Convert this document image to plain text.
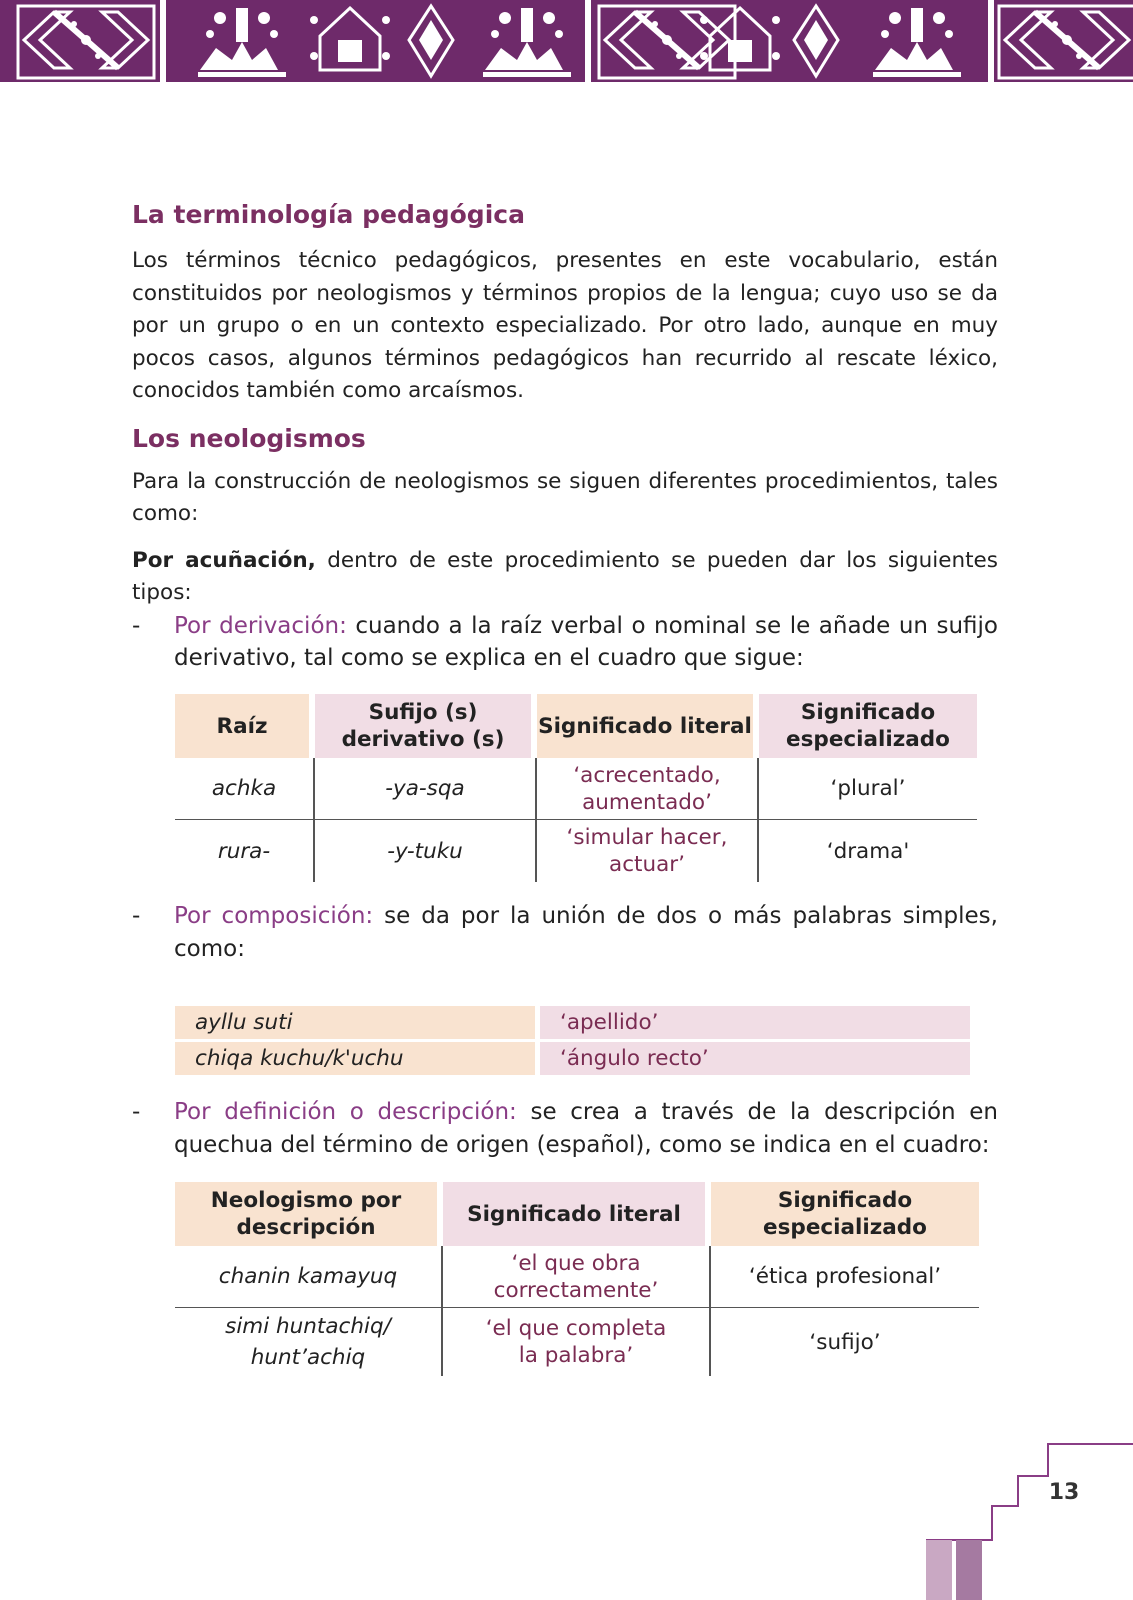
La terminología pedagógica

Los términos técnico pedagógicos, presentes en este vocabulario, están constituidos por neologismos y términos propios de la lengua; cuyo uso se da por un grupo o en un contexto especializado. Por otro lado, aunque en muy pocos casos, algunos términos pedagógicos han recurrido al rescate léxico, conocidos también como arcaísmos.

Los neologismos

Para la construcción de neologismos se siguen diferentes procedimientos, tales como:

Por acuñación, dentro de este procedimiento se pueden dar los siguientes tipos:

- Por derivación: cuando a la raíz verbal o nominal se le añade un sufijo derivativo, tal como se explica en el cuadro que sigue:
Raíz	Sufijo (s) derivativo (s)	Significado literal	Significado especializado
achka	-ya-sqa	‘acrecentado, aumentado’	‘plural’
rura-	-y-tuku	‘simular hacer, actuar’	‘drama'
- Por composición: se da por la unión de dos o más palabras simples, como:
ayllu suti	‘apellido’
chiqa kuchu/k'uchu	‘ángulo recto’
- Por definición o descripción: se crea a través de la descripción en quechua del término de origen (español), como se indica en el cuadro:
Neologismo por descripción	Significado literal	Significado especializado
chanin kamayuq	‘el que obra correctamente’	‘ética profesional’
simi huntachiq/ hunt’achiq	‘el que completa la palabra’	‘sufijo’
13
